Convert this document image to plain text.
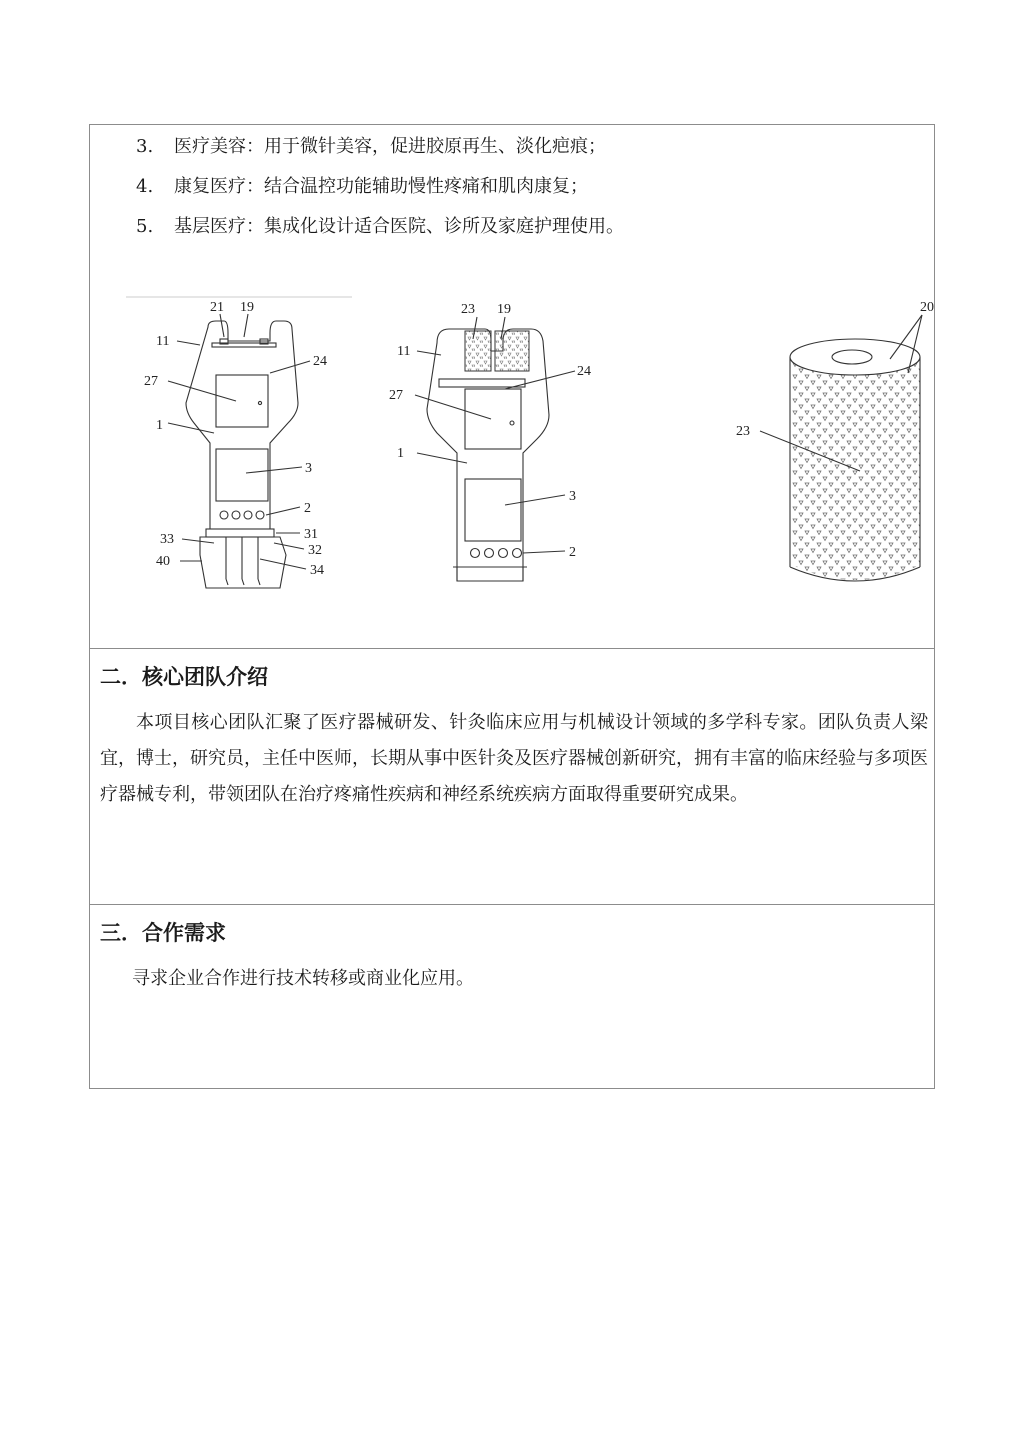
3. 医疗美容：用于微针美容，促进胶原再生、淡化疤痕；
4. 康复医疗：结合温控功能辅助慢性疼痛和肌肉康复；
5. 基层医疗：集成化设计适合医院、诊所及家庭护理使用。
21 19
11
24
27
1
3
2
33	31
32
40
34
23 19
11
24
27
1
3
2
20
23
二．核心团队介绍
本项目核心团队汇聚了医疗器械研发、针灸临床应用与机械设计领域的多学科专家。团队负责人梁宜，博士，研究员，主任中医师，长期从事中医针灸及医疗器械创新研究，拥有丰富的临床经验与多项医疗器械专利，带领团队在治疗疼痛性疾病和神经系统疾病方面取得重要研究成果。
三．合作需求
寻求企业合作进行技术转移或商业化应用。
